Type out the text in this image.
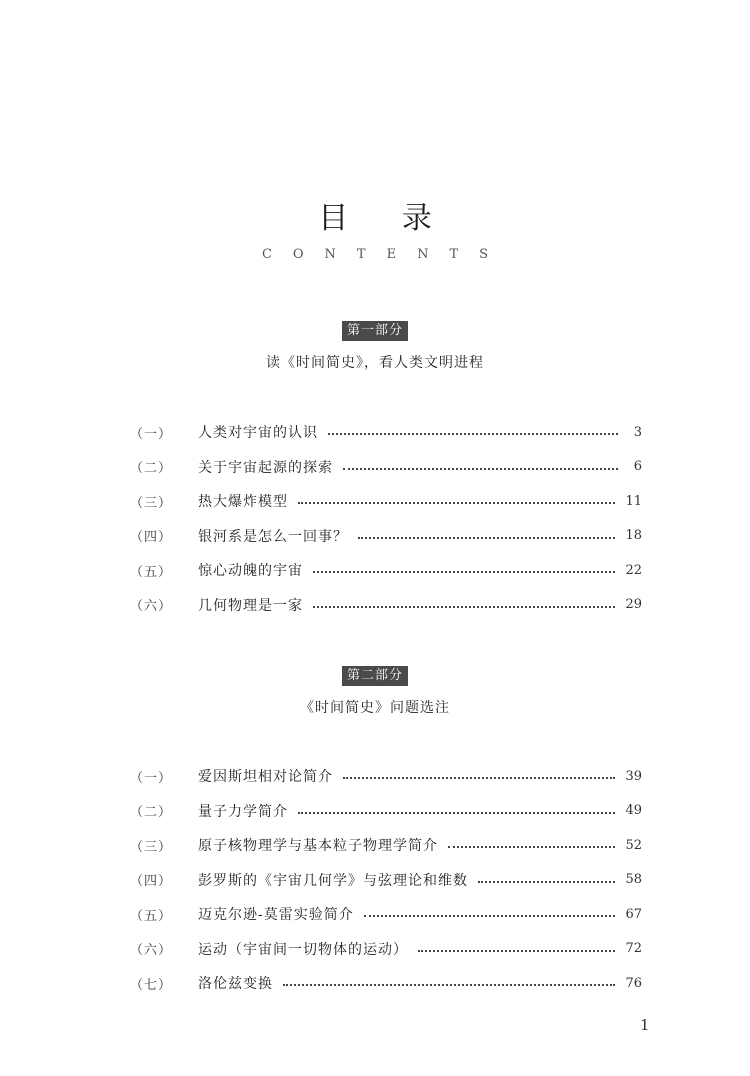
目 录
CONTENTS
第一部分
读《时间简史》，看人类文明进程
（一）	人类对宇宙的认识	3
（二）	关于宇宙起源的探索	6
（三）	热大爆炸模型	11
（四）	银河系是怎么一回事？	18
（五）	惊心动魄的宇宙	22
（六）	几何物理是一家	29
第二部分
《时间简史》问题选注
（一）	爱因斯坦相对论简介	39
（二）	量子力学简介	49
（三）	原子核物理学与基本粒子物理学简介	52
（四）	彭罗斯的《宇宙几何学》与弦理论和维数	58
（五）	迈克尔逊-莫雷实验简介	67
（六）	运动（宇宙间一切物体的运动）	72
（七）	洛伦兹变换	76
1
